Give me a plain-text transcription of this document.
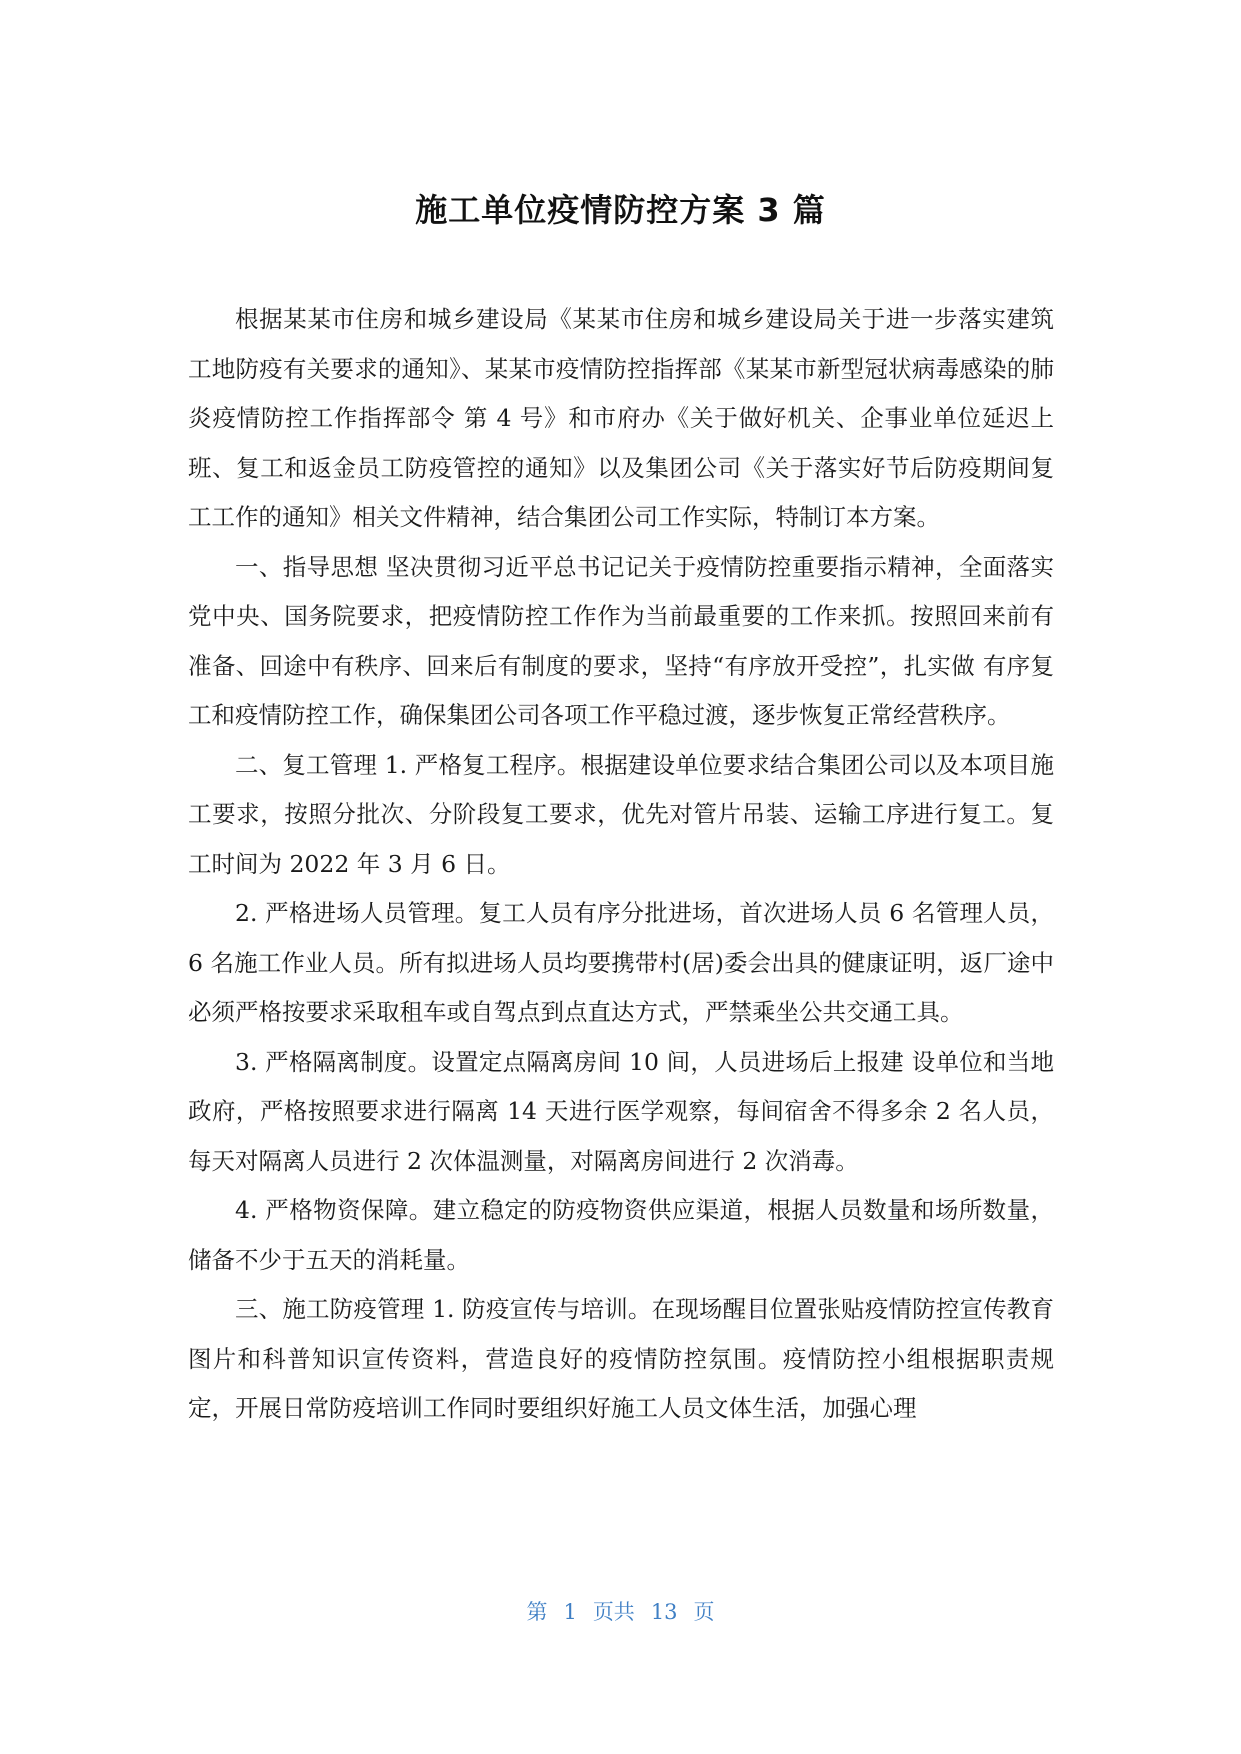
施工单位疫情防控方案 3 篇

根据某某市住房和城乡建设局《某某市住房和城乡建设局关于进一步落实建筑工地防疫有关要求的通知》、某某市疫情防控指挥部《某某市新型冠状病毒感染的肺炎疫情防控工作指挥部令 第 4 号》和市府办《关于做好机关、企事业单位延迟上班、复工和返金员工防疫管控的通知》以及集团公司《关于落实好节后防疫期间复工工作的通知》相关文件精神，结合集团公司工作实际，特制订本方案。

一、指导思想 坚决贯彻习近平总书记记关于疫情防控重要指示精神，全面落实党中央、国务院要求，把疫情防控工作作为当前最重要的工作来抓。按照回来前有准备、回途中有秩序、回来后有制度的要求，坚持“有序放开受控”，扎实做 有序复工和疫情防控工作，确保集团公司各项工作平稳过渡，逐步恢复正常经营秩序。

二、复工管理 1. 严格复工程序。根据建设单位要求结合集团公司以及本项目施工要求，按照分批次、分阶段复工要求，优先对管片吊装、运输工序进行复工。复工时间为 2022 年 3 月 6 日。

2. 严格进场人员管理。复工人员有序分批进场，首次进场人员 6 名管理人员，6 名施工作业人员。所有拟进场人员均要携带村(居)委会出具的健康证明，返厂途中必须严格按要求采取租车或自驾点到点直达方式，严禁乘坐公共交通工具。

3. 严格隔离制度。设置定点隔离房间 10 间，人员进场后上报建 设单位和当地政府，严格按照要求进行隔离 14 天进行医学观察，每间宿舍不得多余 2 名人员，每天对隔离人员进行 2 次体温测量，对隔离房间进行 2 次消毒。

4. 严格物资保障。建立稳定的防疫物资供应渠道，根据人员数量和场所数量，储备不少于五天的消耗量。

三、施工防疫管理 1. 防疫宣传与培训。在现场醒目位置张贴疫情防控宣传教育图片和科普知识宣传资料，营造良好的疫情防控氛围。疫情防控小组根据职责规定，开展日常防疫培训工作同时要组织好施工人员文体生活，加强心理

第 1 页共 13 页
